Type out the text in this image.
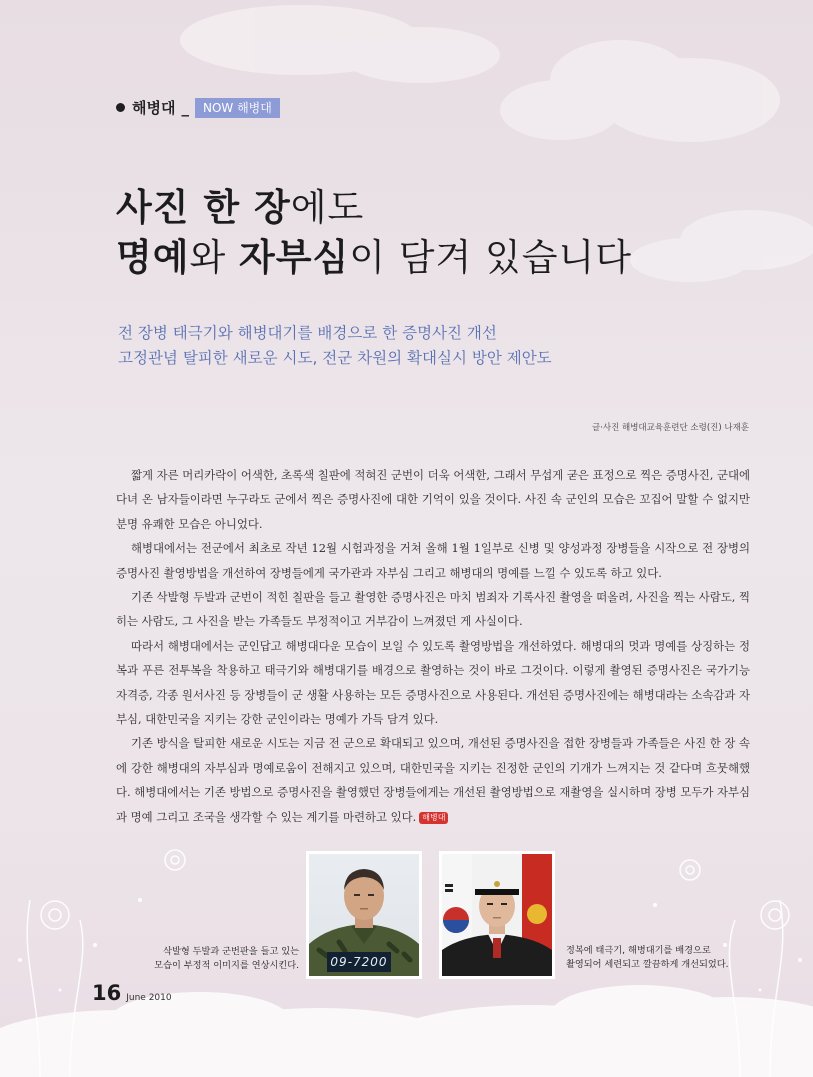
해병대 _	NOW 해병대
사진 한 장에도
명예와 자부심이 담겨 있습니다
전 장병 태극기와 해병대기를 배경으로 한 증명사진 개선
고정관념 탈피한 새로운 시도, 전군 차원의 확대실시 방안 제안도
글·사진 해병대교육훈련단 소령(진) 나재훈

짧게 자른 머리카락이 어색한, 초록색 칠판에 적혀진 군번이 더욱 어색한, 그래서 무섭게 굳은 표정으로 찍은 증명사진, 군대에 다녀 온 남자들이라면 누구라도 군에서 찍은 증명사진에 대한 기억이 있을 것이다. 사진 속 군인의 모습은 꼬집어 말할 수 없지만 분명 유쾌한 모습은 아니었다.

해병대에서는 전군에서 최초로 작년 12월 시험과정을 거쳐 올해 1월 1일부로 신병 및 양성과정 장병들을 시작으로 전 장병의 증명사진 촬영방법을 개선하여 장병들에게 국가관과 자부심 그리고 해병대의 명예를 느낄 수 있도록 하고 있다.

기존 삭발형 두발과 군번이 적힌 칠판을 들고 촬영한 증명사진은 마치 범죄자 기록사진 촬영을 떠올려, 사진을 찍는 사람도, 찍히는 사람도, 그 사진을 받는 가족들도 부정적이고 거부감이 느껴졌던 게 사실이다.

따라서 해병대에서는 군인답고 해병대다운 모습이 보일 수 있도록 촬영방법을 개선하였다. 해병대의 멋과 명예를 상징하는 정복과 푸른 전투복을 착용하고 태극기와 해병대기를 배경으로 촬영하는 것이 바로 그것이다. 이렇게 촬영된 증명사진은 국가기능자격증, 각종 원서사진 등 장병들이 군 생활 사용하는 모든 증명사진으로 사용된다. 개선된 증명사진에는 해병대라는 소속감과 자부심, 대한민국을 지키는 강한 군인이라는 명예가 가득 담겨 있다.

기존 방식을 탈피한 새로운 시도는 지금 전 군으로 확대되고 있으며, 개선된 증명사진을 접한 장병들과 가족들은 사진 한 장 속에 강한 해병대의 자부심과 명예로움이 전해지고 있으며, 대한민국을 지키는 진정한 군인의 기개가 느껴지는 것 같다며 흐뭇해했다. 해병대에서는 기존 방법으로 증명사진을 촬영했던 장병들에게는 개선된 촬영방법으로 재촬영을 실시하며 장병 모두가 자부심과 명예 그리고 조국을 생각할 수 있는 계기를 마련하고 있다. 해병대

09-7200
삭발형 두발과 군번판을 들고 있는
모습이 부정적 이미지를 연상시킨다.
정복에 태극기, 해병대기를 배경으로
촬영되어 세련되고 깔끔하게 개선되었다.
16 June 2010
